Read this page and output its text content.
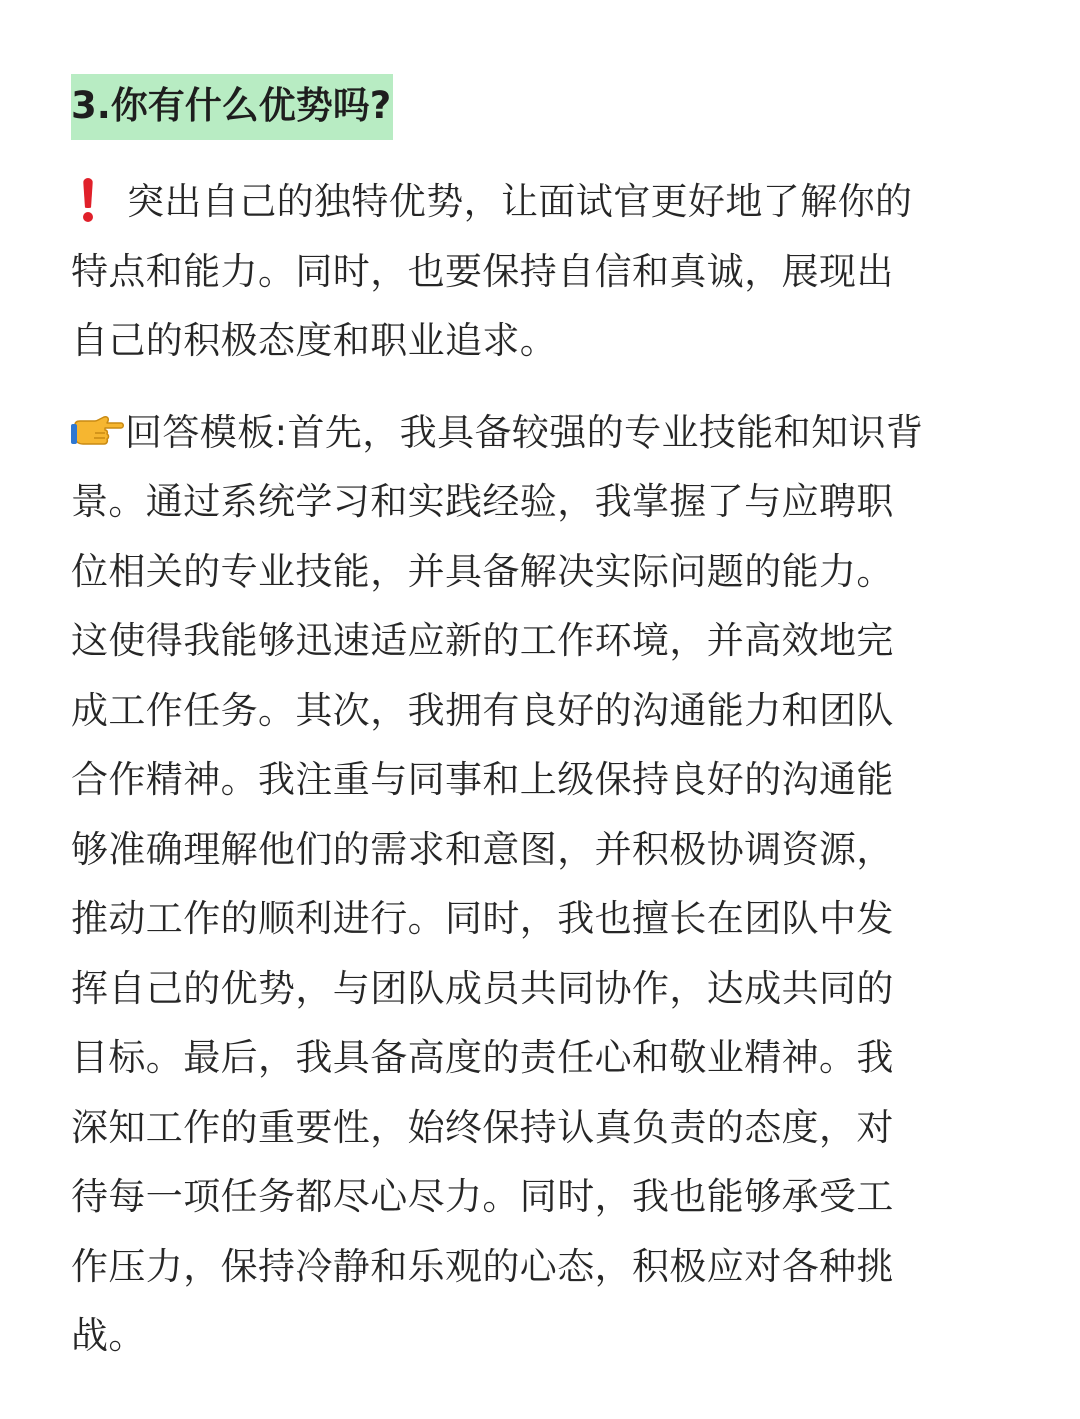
3.你有什么优势吗?

突出自己的独特优势，让面试官更好地了解你的
特点和能力。同时，也要保持自信和真诚，展现出
自己的积极态度和职业追求。

回答模板:首先，我具备较强的专业技能和知识背
景。通过系统学习和实践经验，我掌握了与应聘职
位相关的专业技能，并具备解决实际问题的能力。
这使得我能够迅速适应新的工作环境，并高效地完
成工作任务。其次，我拥有良好的沟通能力和团队
合作精神。我注重与同事和上级保持良好的沟通能
够准确理解他们的需求和意图，并积极协调资源，
推动工作的顺利进行。同时，我也擅长在团队中发
挥自己的优势，与团队成员共同协作，达成共同的
目标。最后，我具备高度的责任心和敬业精神。我
深知工作的重要性，始终保持认真负责的态度，对
待每一项任务都尽心尽力。同时，我也能够承受工
作压力，保持冷静和乐观的心态，积极应对各种挑
战。
